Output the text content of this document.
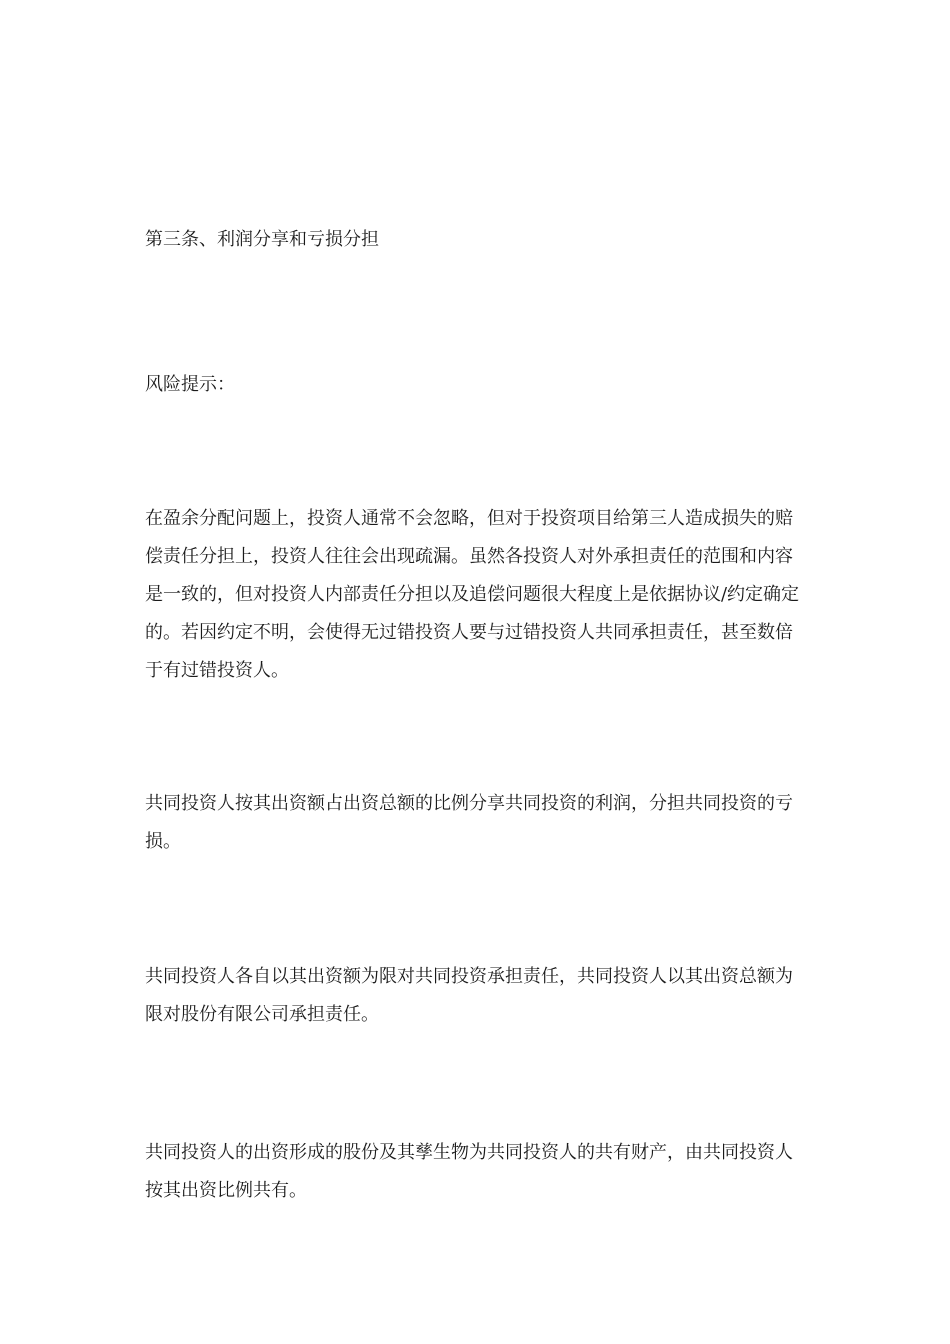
第三条、利润分享和亏损分担

风险提示：

在盈余分配问题上，投资人通常不会忽略，但对于投资项目给第三人造成损失的赔偿责任分担上，投资人往往会出现疏漏。虽然各投资人对外承担责任的范围和内容是一致的，但对投资人内部责任分担以及追偿问题很大程度上是依据协议/约定确定的。若因约定不明，会使得无过错投资人要与过错投资人共同承担责任，甚至数倍于有过错投资人。

共同投资人按其出资额占出资总额的比例分享共同投资的利润，分担共同投资的亏损。

共同投资人各自以其出资额为限对共同投资承担责任，共同投资人以其出资总额为限对股份有限公司承担责任。

共同投资人的出资形成的股份及其孳生物为共同投资人的共有财产，由共同投资人按其出资比例共有。
